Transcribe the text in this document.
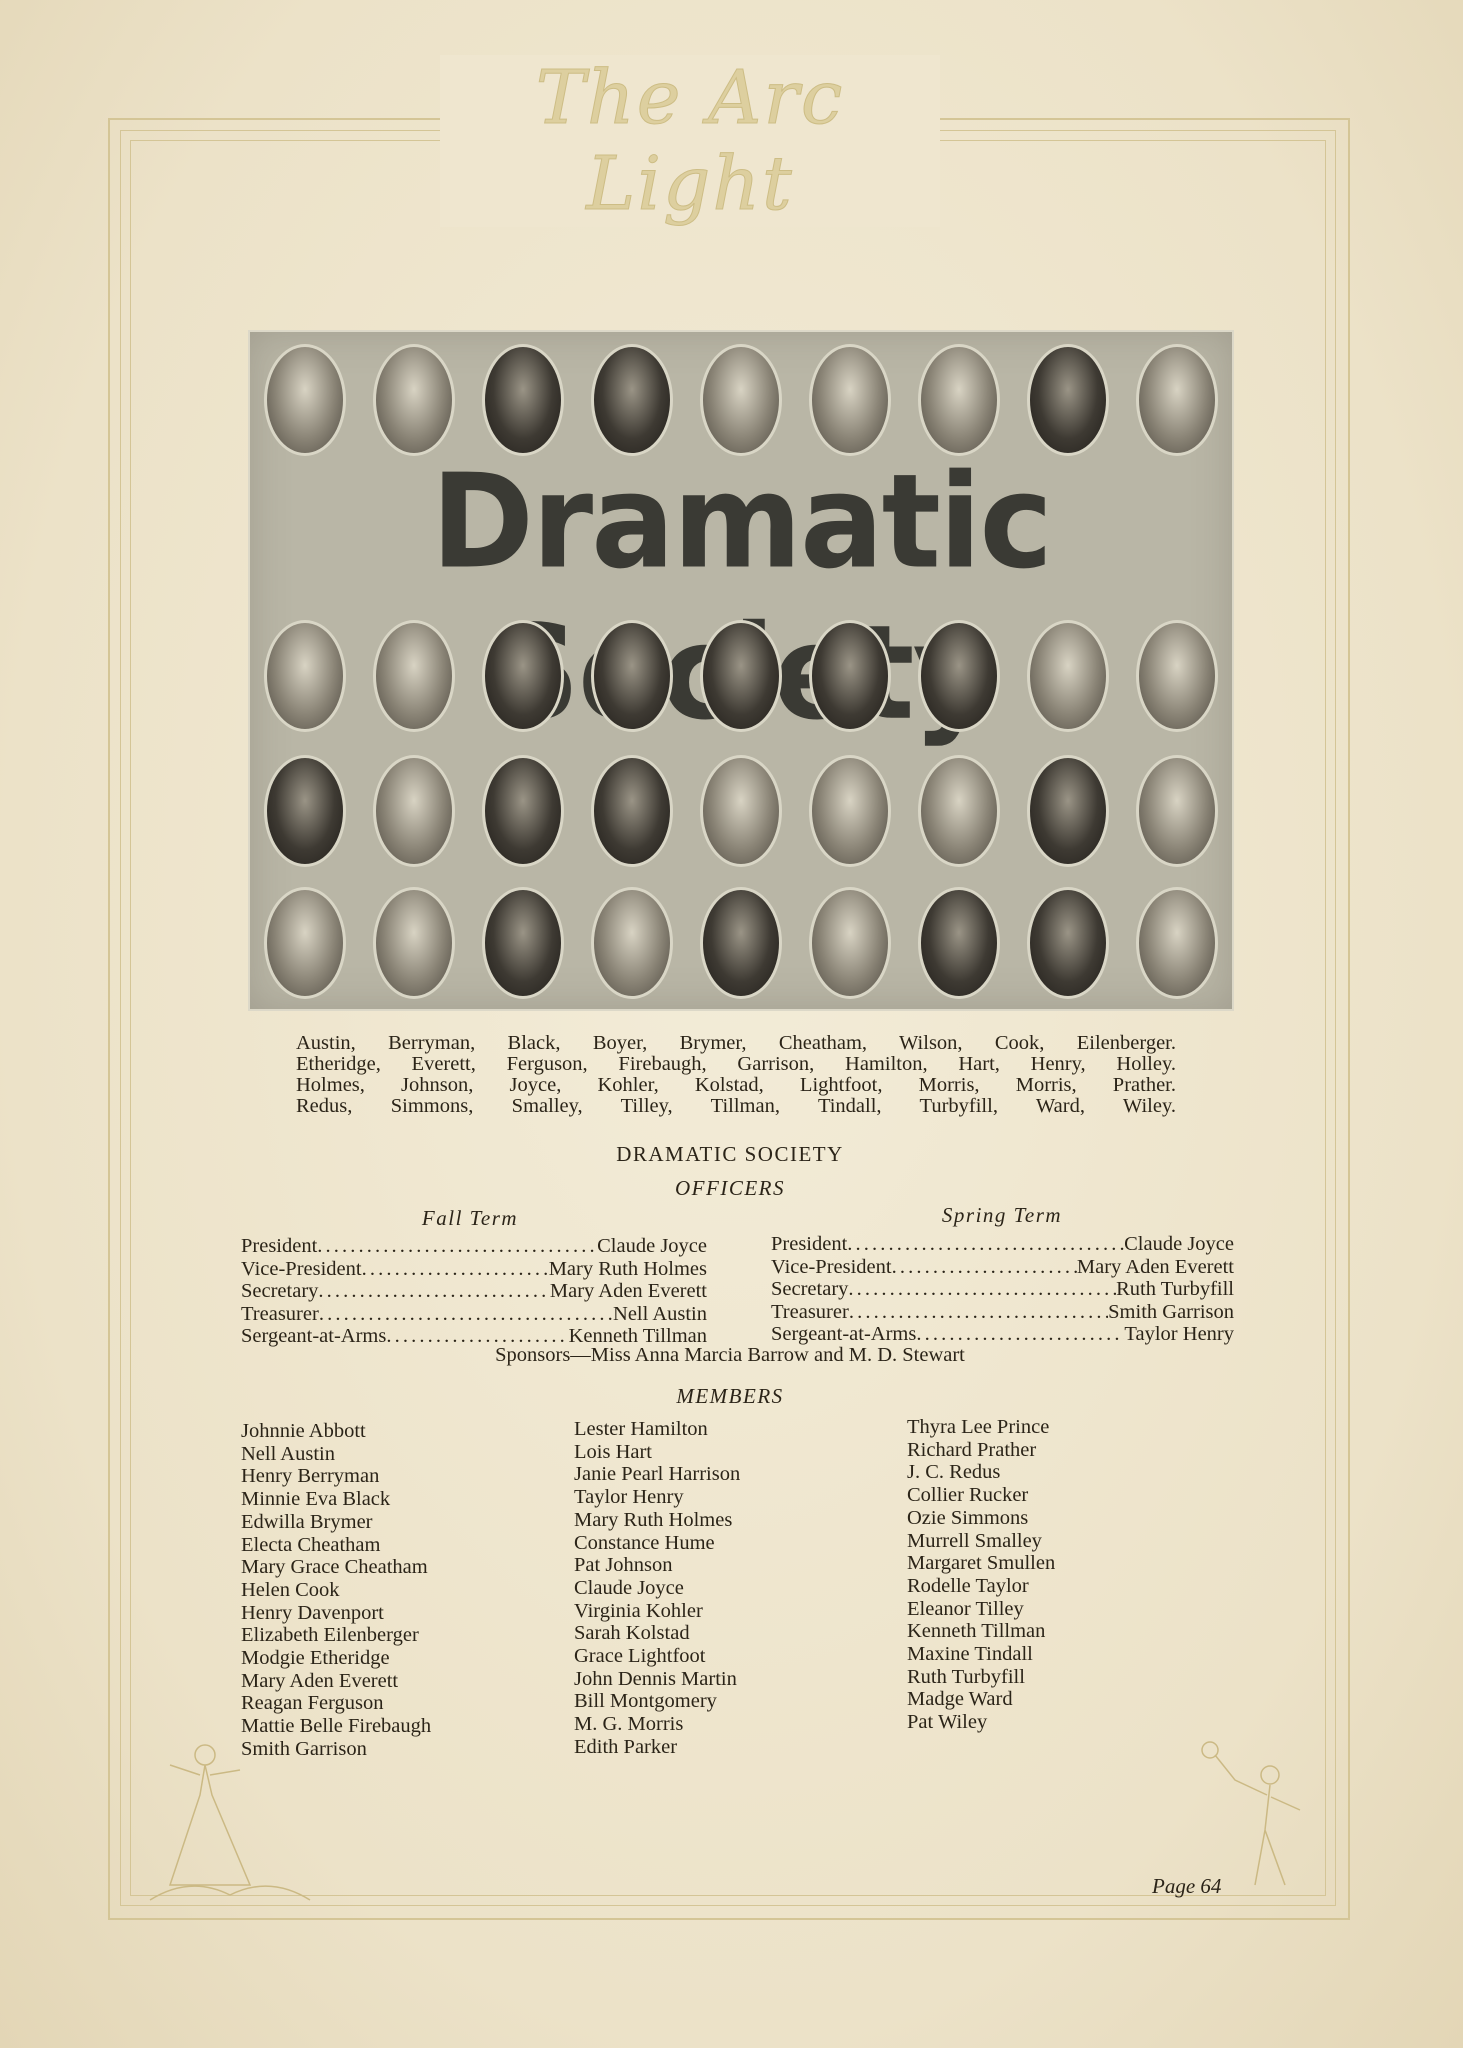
The Arc Light
Dramatic
Austin, Berryman, Black, Boyer, Brymer, Cheatham, Wilson, Cook, Eilenberger.
Etheridge, Everett, Ferguson, Firebaugh, Garrison, Hamilton, Hart, Henry, Holley.
Holmes, Johnson, Joyce, Kohler, Kolstad, Lightfoot, Morris, Morris, Prather.
Redus, Simmons, Smalley, Tilley, Tillman, Tindall, Turbyfill, Ward, Wiley.
DRAMATIC SOCIETY
OFFICERS
Fall Term	Spring Term
President . . .	Claude Joyce
Vice-President . . .	Mary Ruth Holmes
Secretary . . .	Mary Aden Everett
Treasurer . . .	Nell Austin
Sergeant-at-Arms . . .	Kenneth Tillman
President . . .	Claude Joyce
Vice-President . . .	Mary Aden Everett
Secretary . . .	Ruth Turbyfill
Treasurer . . .	Smith Garrison
Sergeant-at-Arms . . .	Taylor Henry
Sponsors—Miss Anna Marcia Barrow and M. D. Stewart
MEMBERS
Johnnie Abbott
Nell Austin
Henry Berryman
Minnie Eva Black
Edwilla Brymer
Electa Cheatham
Mary Grace Cheatham
Helen Cook
Henry Davenport
Elizabeth Eilenberger
Modgie Etheridge
Mary Aden Everett
Reagan Ferguson
Mattie Belle Firebaugh
Smith Garrison
Lester Hamilton
Lois Hart
Janie Pearl Harrison
Taylor Henry
Mary Ruth Holmes
Constance Hume
Pat Johnson
Claude Joyce
Virginia Kohler
Sarah Kolstad
Grace Lightfoot
John Dennis Martin
Bill Montgomery
M. G. Morris
Edith Parker
Thyra Lee Prince
Richard Prather
J. C. Redus
Collier Rucker
Ozie Simmons
Murrell Smalley
Margaret Smullen
Rodelle Taylor
Eleanor Tilley
Kenneth Tillman
Maxine Tindall
Ruth Turbyfill
Madge Ward
Pat Wiley
Page 64
